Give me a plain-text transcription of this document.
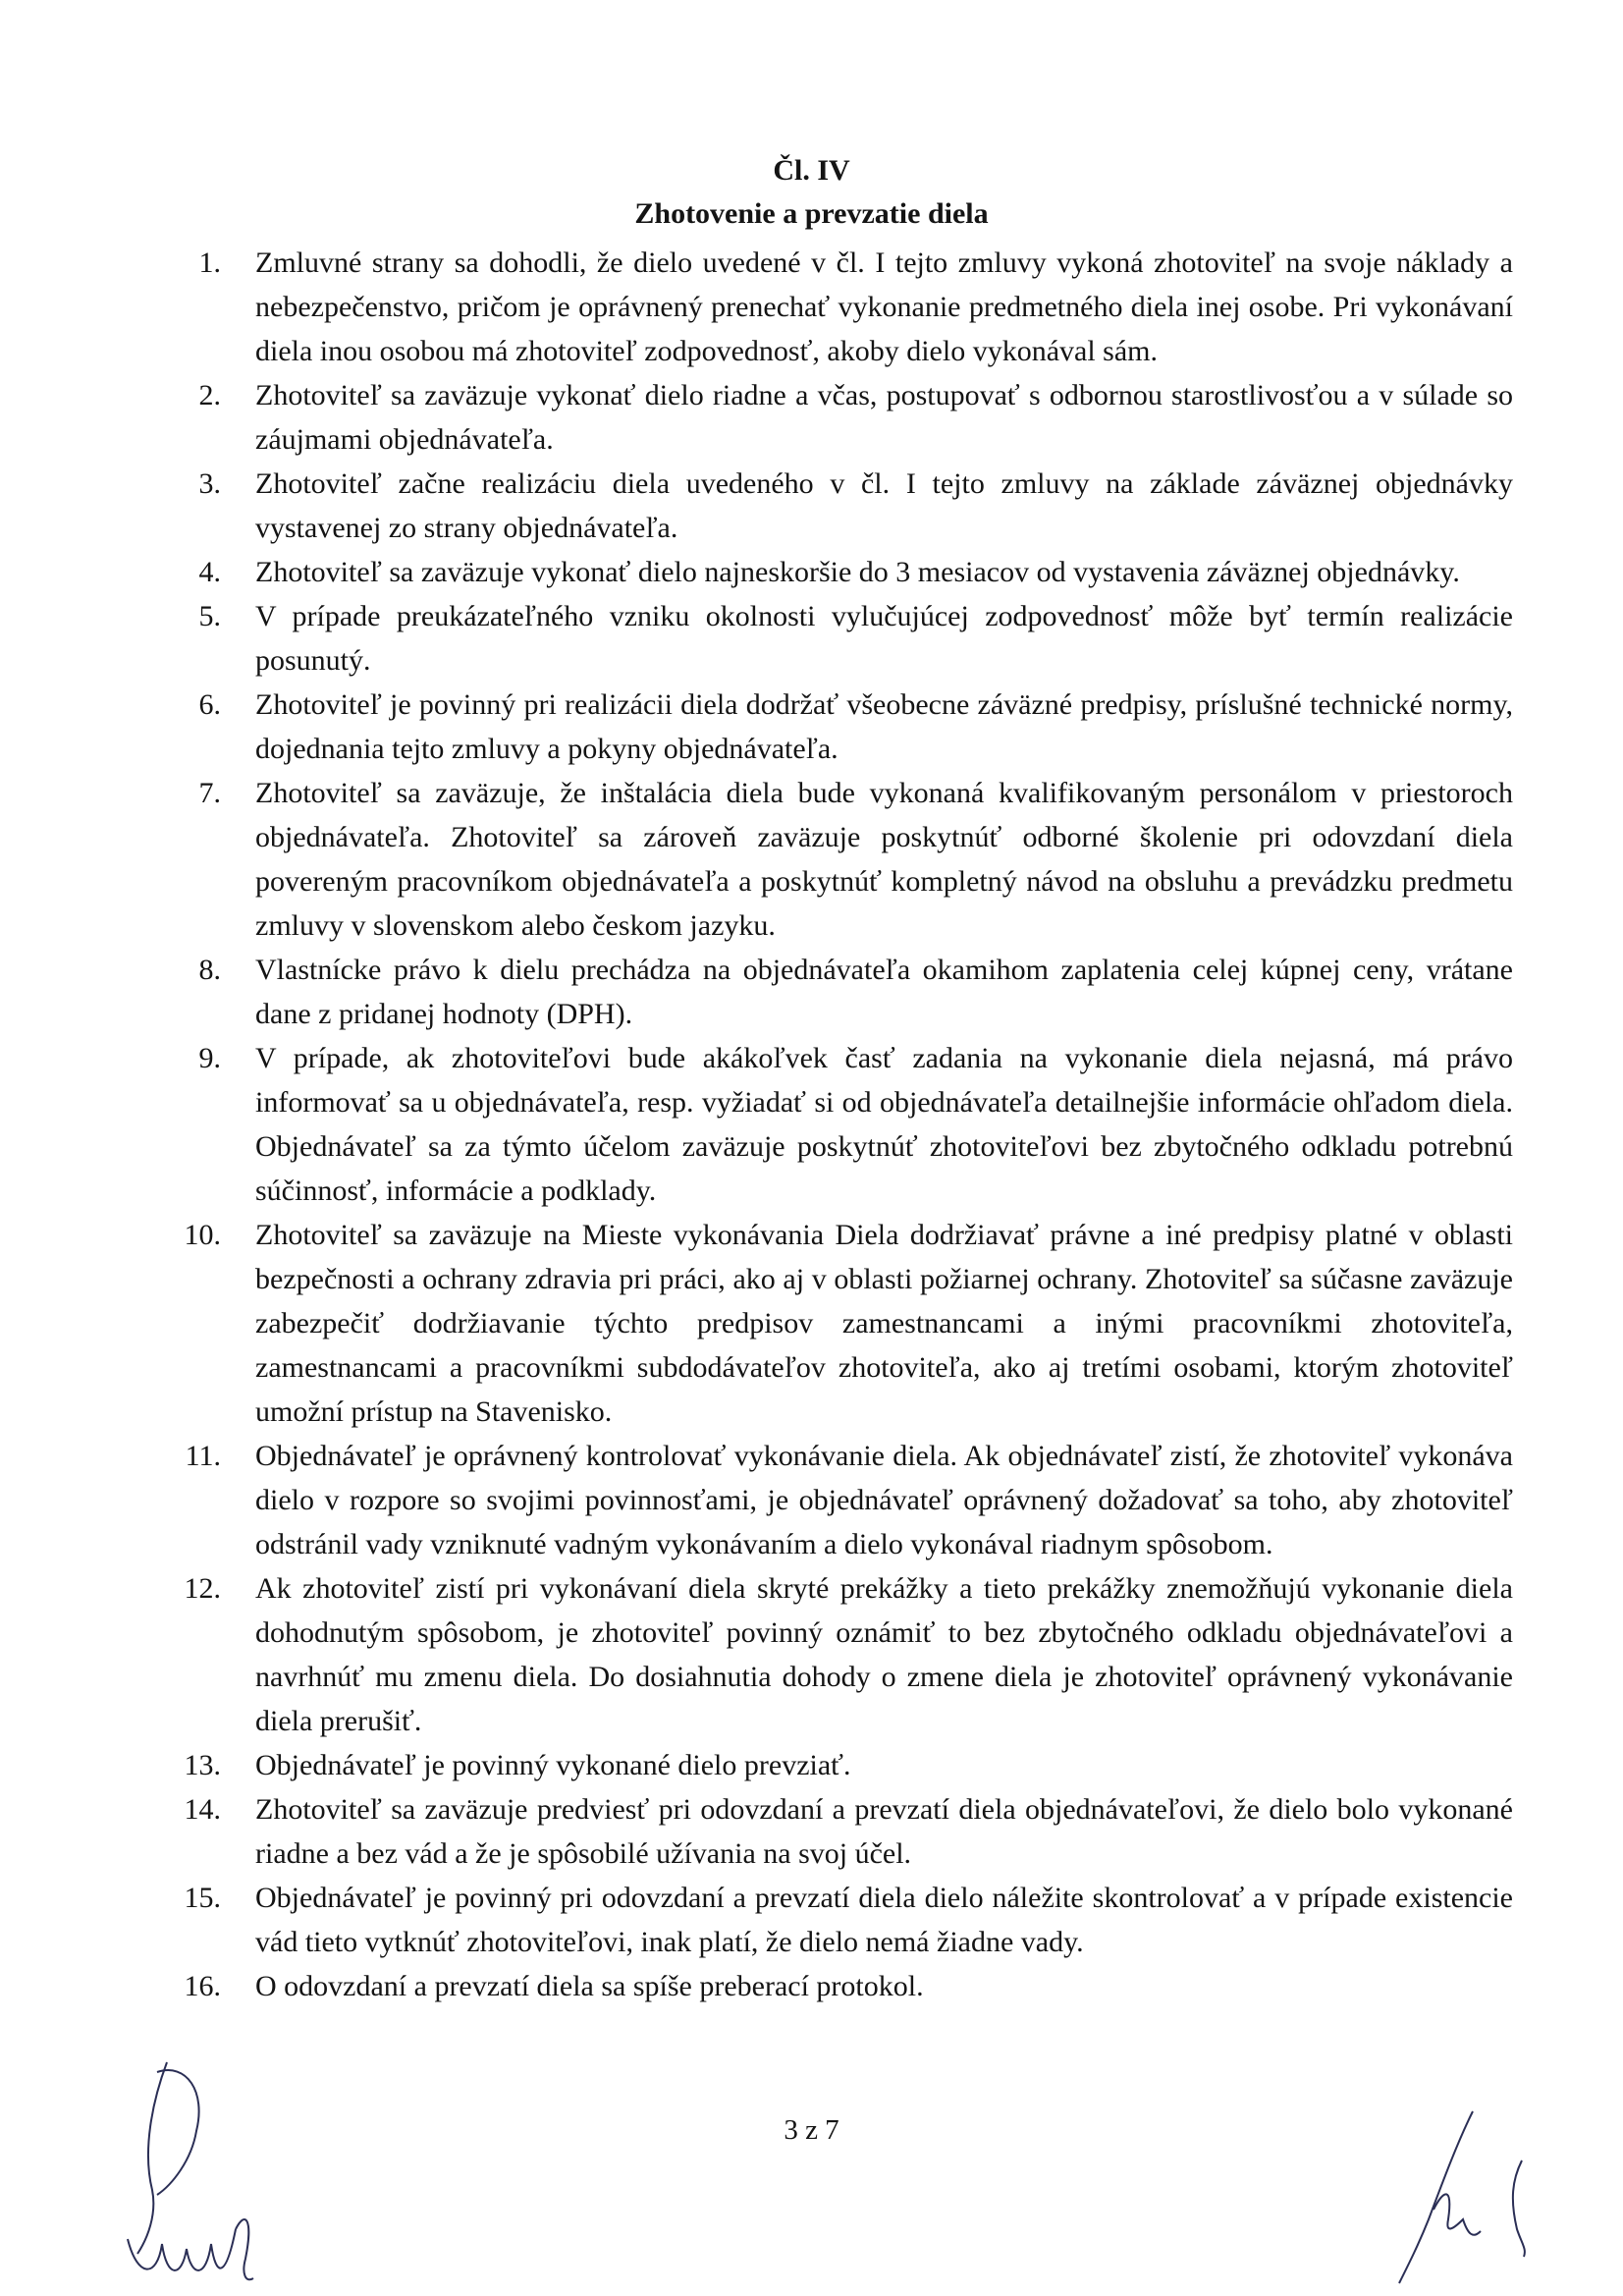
Čl. IV
Zhotovenie a prevzatie diela
1. Zmluvné strany sa dohodli, že dielo uvedené v čl. I tejto zmluvy vykoná zhotoviteľ na svoje náklady a nebezpečenstvo, pričom je oprávnený prenechať vykonanie predmetného diela inej osobe. Pri vykonávaní diela inou osobou má zhotoviteľ zodpovednosť, akoby dielo vykonával sám.
2. Zhotoviteľ sa zaväzuje vykonať dielo riadne a včas, postupovať s odbornou starostlivosťou a v súlade so záujmami objednávateľa.
3. Zhotoviteľ začne realizáciu diela uvedeného v čl. I tejto zmluvy na základe záväznej objednávky vystavenej zo strany objednávateľa.
4. Zhotoviteľ sa zaväzuje vykonať dielo najneskoršie do 3 mesiacov od vystavenia záväznej objednávky.
5. V prípade preukázateľného vzniku okolnosti vylučujúcej zodpovednosť môže byť termín realizácie posunutý.
6. Zhotoviteľ je povinný pri realizácii diela dodržať všeobecne záväzné predpisy, príslušné technické normy, dojednania tejto zmluvy a pokyny objednávateľa.
7. Zhotoviteľ sa zaväzuje, že inštalácia diela bude vykonaná kvalifikovaným personálom v priestoroch objednávateľa. Zhotoviteľ sa zároveň zaväzuje poskytnúť odborné školenie pri odovzdaní diela povereným pracovníkom objednávateľa a poskytnúť kompletný návod na obsluhu a prevádzku predmetu zmluvy v slovenskom alebo českom jazyku.
8. Vlastnícke právo k dielu prechádza na objednávateľa okamihom zaplatenia celej kúpnej ceny, vrátane dane z pridanej hodnoty (DPH).
9. V prípade, ak zhotoviteľovi bude akákoľvek časť zadania na vykonanie diela nejasná, má právo informovať sa u objednávateľa, resp. vyžiadať si od objednávateľa detailnejšie informácie ohľadom diela. Objednávateľ sa za týmto účelom zaväzuje poskytnúť zhotoviteľovi bez zbytočného odkladu potrebnú súčinnosť, informácie a podklady.
10. Zhotoviteľ sa zaväzuje na Mieste vykonávania Diela dodržiavať právne a iné predpisy platné v oblasti bezpečnosti a ochrany zdravia pri práci, ako aj v oblasti požiarnej ochrany. Zhotoviteľ sa súčasne zaväzuje zabezpečiť dodržiavanie týchto predpisov zamestnancami a inými pracovníkmi zhotoviteľa, zamestnancami a pracovníkmi subdodávateľov zhotoviteľa, ako aj tretími osobami, ktorým zhotoviteľ umožní prístup na Stavenisko.
11. Objednávateľ je oprávnený kontrolovať vykonávanie diela. Ak objednávateľ zistí, že zhotoviteľ vykonáva dielo v rozpore so svojimi povinnosťami, je objednávateľ oprávnený dožadovať sa toho, aby zhotoviteľ odstránil vady vzniknuté vadným vykonávaním a dielo vykonával riadnym spôsobom.
12. Ak zhotoviteľ zistí pri vykonávaní diela skryté prekážky a tieto prekážky znemožňujú vykonanie diela dohodnutým spôsobom, je zhotoviteľ povinný oznámiť to bez zbytočného odkladu objednávateľovi a navrhnúť mu zmenu diela. Do dosiahnutia dohody o zmene diela je zhotoviteľ oprávnený vykonávanie diela prerušiť.
13. Objednávateľ je povinný vykonané dielo prevziať.
14. Zhotoviteľ sa zaväzuje predviesť pri odovzdaní a prevzatí diela objednávateľovi, že dielo bolo vykonané riadne a bez vád a že je spôsobilé užívania na svoj účel.
15. Objednávateľ je povinný pri odovzdaní a prevzatí diela dielo náležite skontrolovať a v prípade existencie vád tieto vytknúť zhotoviteľovi, inak platí, že dielo nemá žiadne vady.
16. O odovzdaní a prevzatí diela sa spíše preberací protokol.
3 z 7
